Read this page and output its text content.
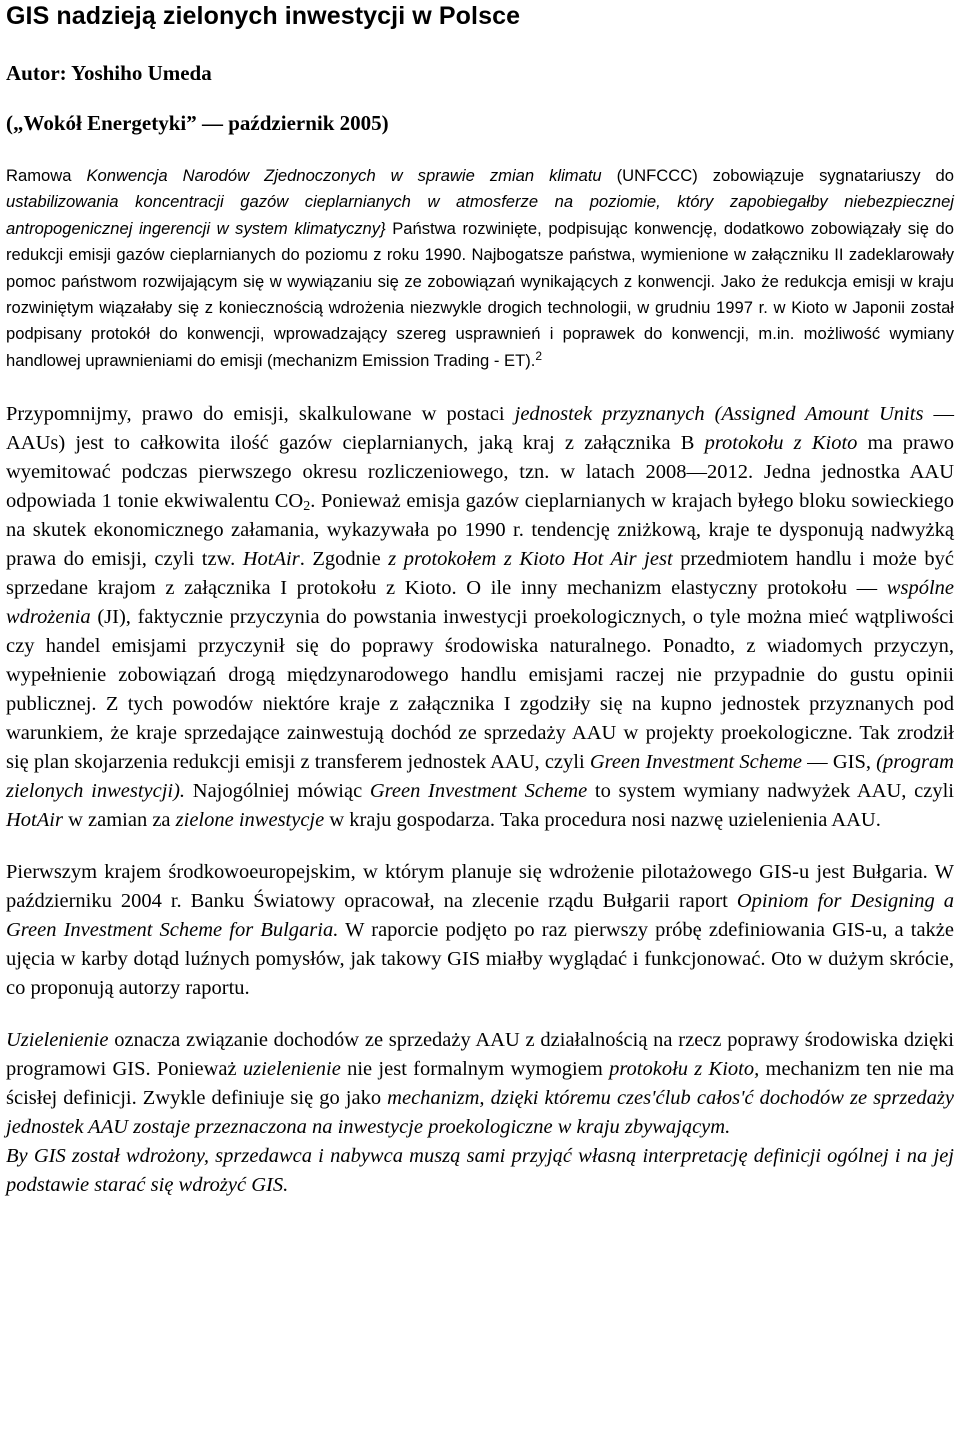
GIS nadzieją zielonych inwestycji w Polsce

Autor: Yoshiho Umeda

(„Wokół Energetyki” — październik 2005)

Ramowa Konwencja Narodów Zjednoczonych w sprawie zmian klimatu (UNFCCC) zobowiązuje sygnatariuszy do ustabilizowania koncentracji gazów cieplarnianych w atmosferze na poziomie, który zapobiegałby niebezpiecznej antropogenicznej ingerencji w system klimatyczny} Państwa rozwinięte, podpisując konwencję, dodatkowo zobowiązały się do redukcji emisji gazów cieplarnianych do poziomu z roku 1990. Najbogatsze państwa, wymienione w załączniku II zadeklarowały pomoc państwom rozwijającym się w wywiązaniu się ze zobowiązań wynikających z konwencji. Jako że redukcja emisji w kraju rozwiniętym wiązałaby się z koniecznością wdrożenia niezwykle drogich technologii, w grudniu 1997 r. w Kioto w Japonii został podpisany protokół do konwencji, wprowadzający szereg usprawnień i poprawek do konwencji, m.in. możliwość wymiany handlowej uprawnieniami do emisji (mechanizm Emission Trading - ET).$^2$

Przypomnijmy, prawo do emisji, skalkulowane w postaci jednostek przyznanych (Assigned Amount Units — AAUs) jest to całkowita ilość gazów cieplarnianych, jaką kraj z załącznika B protokołu z Kioto ma prawo wyemitować podczas pierwszego okresu rozliczeniowego, tzn. w latach 2008—2012. Jedna jednostka AAU odpowiada 1 tonie ekwiwalentu $CO_2$. Ponieważ emisja gazów cieplarnianych w krajach byłego bloku sowieckiego na skutek ekonomicznego załamania, wykazywała po 1990 r. tendencję zniżkową, kraje te dysponują nadwyżką prawa do emisji, czyli tzw. HotAir. Zgodnie z protokołem z Kioto Hot Air jest przedmiotem handlu i może być sprzedane krajom z załącznika I protokołu z Kioto. O ile inny mechanizm elastyczny protokołu — wspólne wdrożenia (JI), faktycznie przyczynia do powstania inwestycji proekologicznych, o tyle można mieć wątpliwości czy handel emisjami przyczynił się do poprawy środowiska naturalnego. Ponadto, z wiadomych przyczyn, wypełnienie zobowiązań drogą międzynarodowego handlu emisjami raczej nie przypadnie do gustu opinii publicznej. Z tych powodów niektóre kraje z załącznika I zgodziły się na kupno jednostek przyznanych pod warunkiem, że kraje sprzedające zainwestują dochód ze sprzedaży AAU w projekty proekologiczne. Tak zrodził się plan skojarzenia redukcji emisji z transferem jednostek AAU, czyli Green Investment Scheme — GIS, (program zielonych inwestycji). Najogólniej mówiąc Green Investment Scheme to system wymiany nadwyżek AAU, czyli HotAir w zamian za zielone inwestycje w kraju gospodarza. Taka procedura nosi nazwę uzielenienia AAU.

Pierwszym krajem środkowoeuropejskim, w którym planuje się wdrożenie pilotażowego GIS-u jest Bułgaria. W październiku 2004 r. Banku Światowy opracował, na zlecenie rządu Bułgarii raport Opiniom for Designing a Green Investment Scheme for Bulgaria. W raporcie podjęto po raz pierwszy próbę zdefiniowania GIS-u, a także ujęcia w karby dotąd luźnych pomysłów, jak takowy GIS miałby wyglądać i funkcjonować. Oto w dużym skrócie, co proponują autorzy raportu.

Uzielenienie oznacza związanie dochodów ze sprzedaży AAU z działalnością na rzecz poprawy środowiska dzięki programowi GIS. Ponieważ uzielenienie nie jest formalnym wymogiem protokołu z Kioto, mechanizm ten nie ma ścisłej definicji. Zwykle definiuje się go jako mechanizm, dzięki któremu czes'ćlub całos'ć dochodów ze sprzedaży jednostek AAU zostaje przeznaczona na inwestycje proekologiczne w kraju zbywającym.

By GIS został wdrożony, sprzedawca i nabywca muszą sami przyjąć własną interpretację definicji ogólnej i na jej podstawie starać się wdrożyć GIS.
